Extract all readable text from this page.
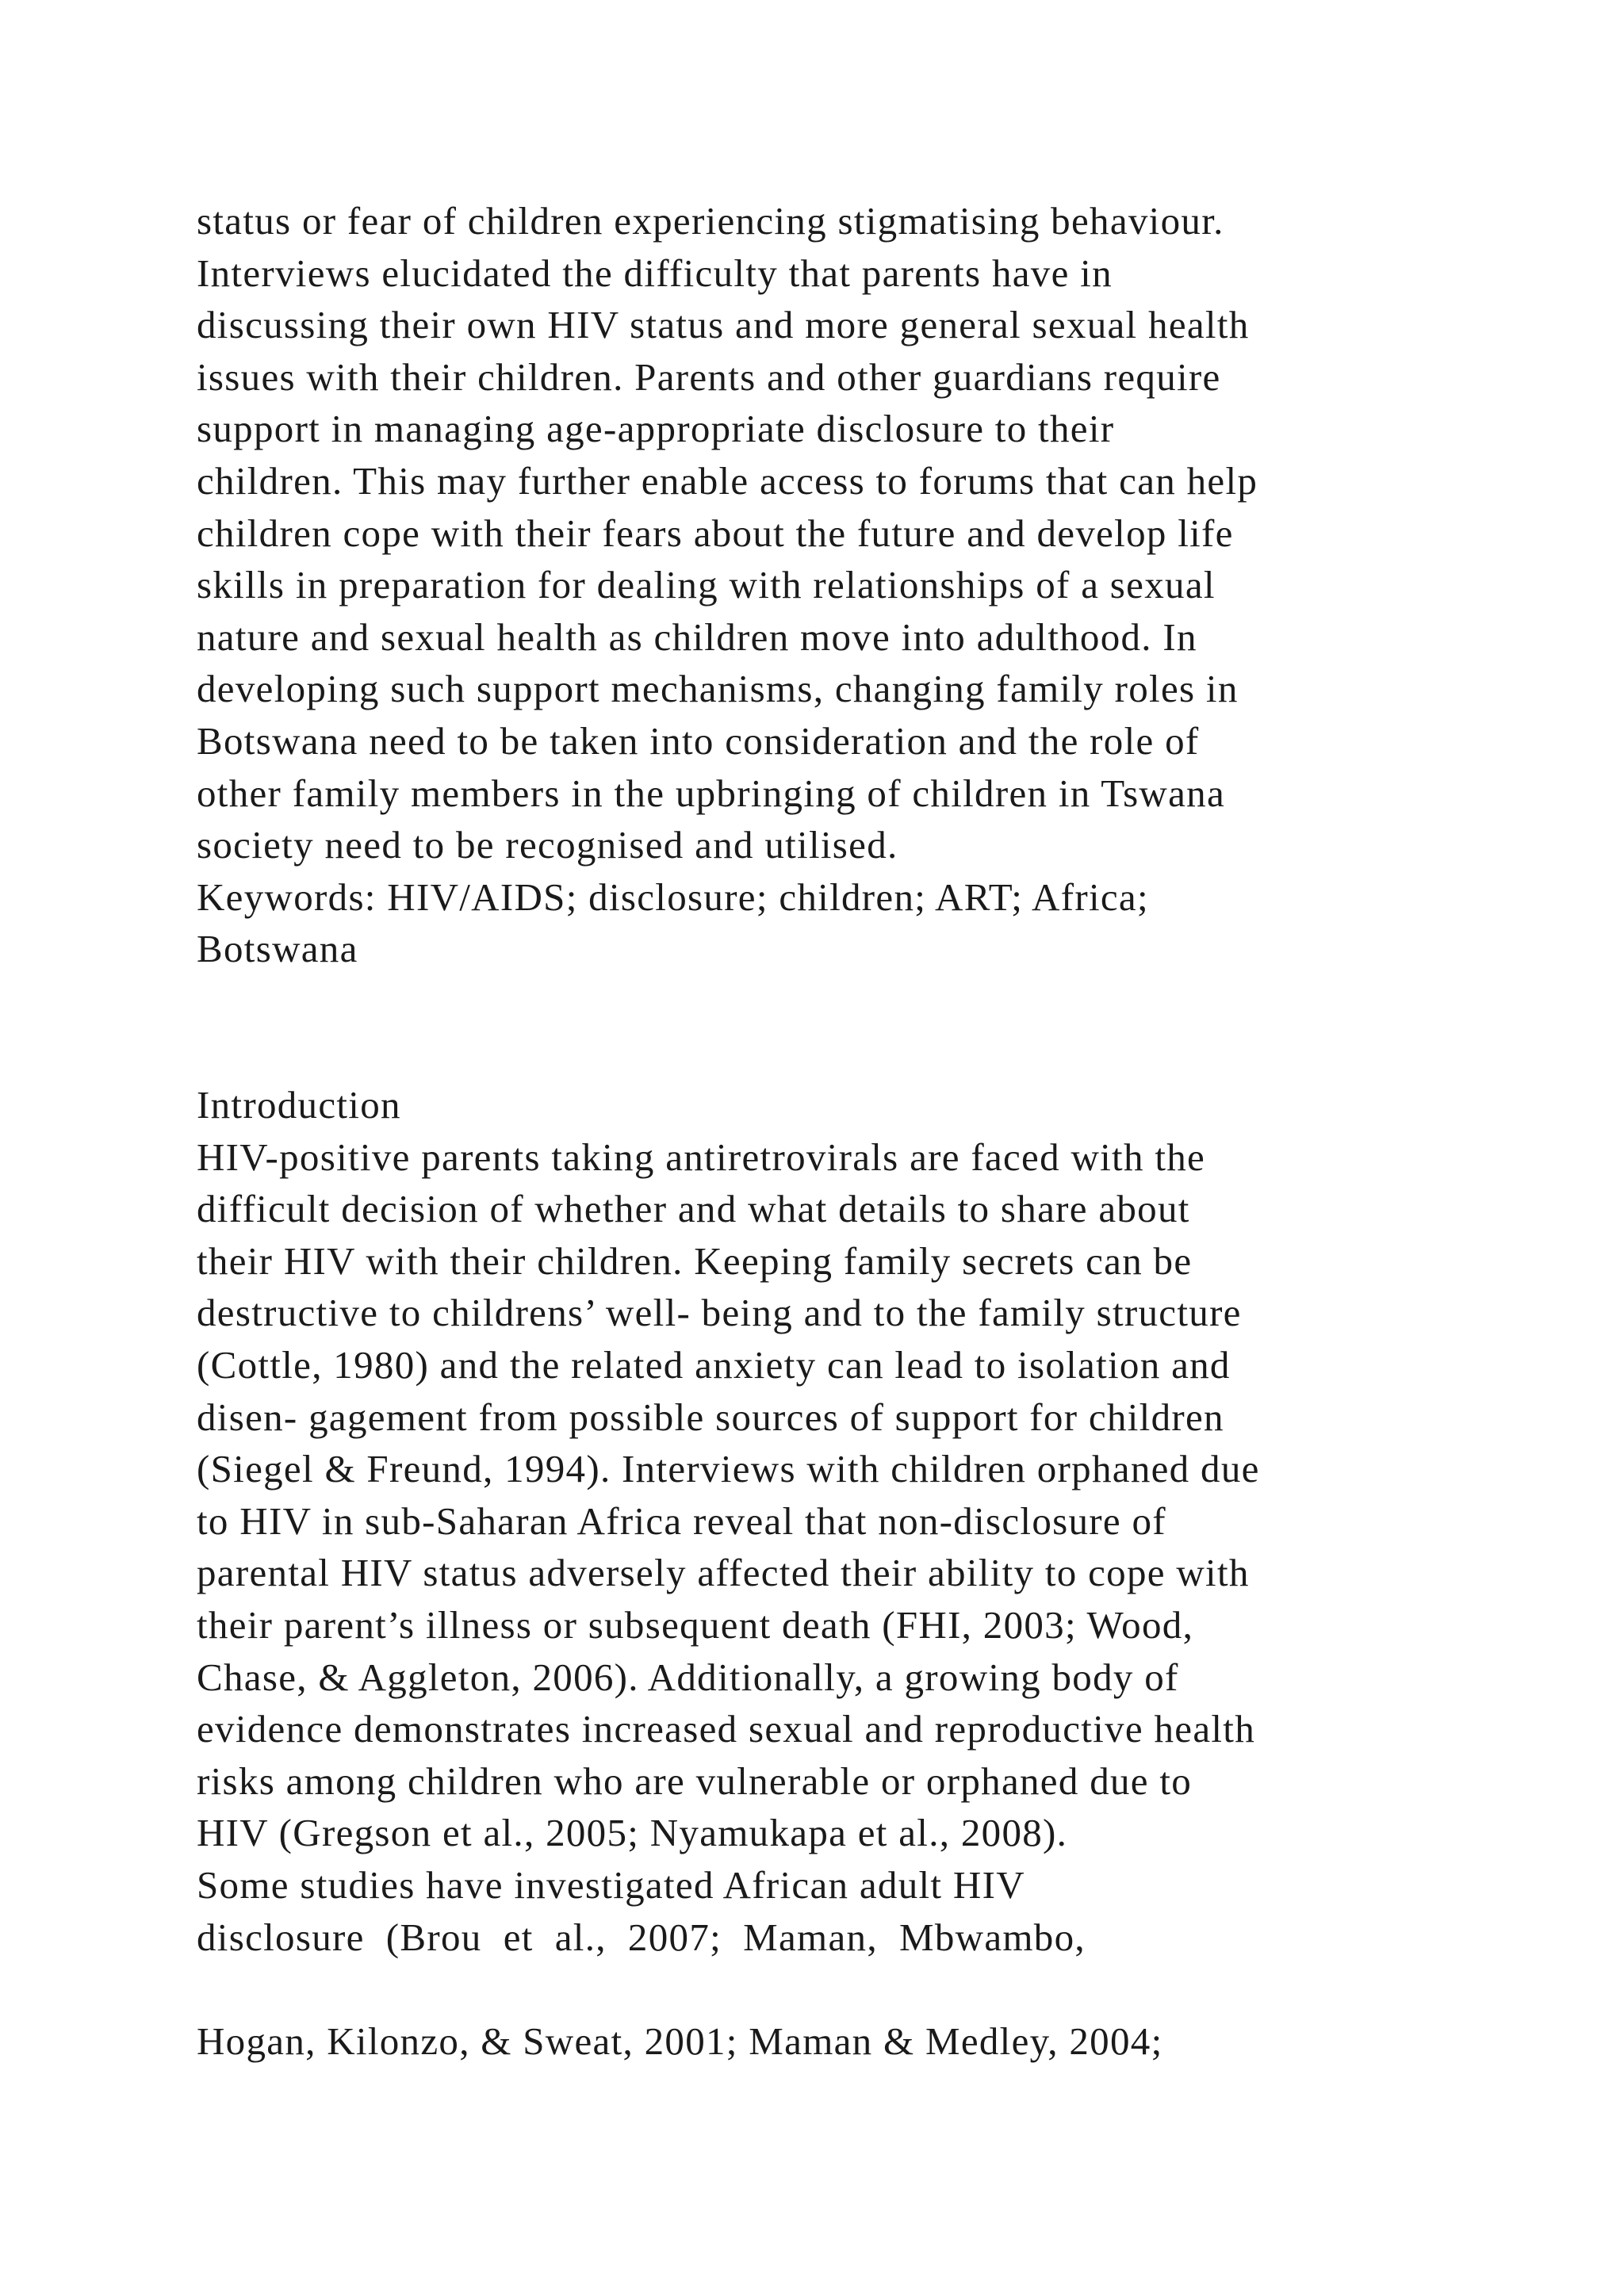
status or fear of children experiencing stigmatising behaviour.
Interviews elucidated the difficulty that parents have in
discussing their own HIV status and more general sexual health
issues with their children. Parents and other guardians require
support in managing age-appropriate disclosure to their
children. This may further enable access to forums that can help
children cope with their fears about the future and develop life
skills in preparation for dealing with relationships of a sexual
nature and sexual health as children move into adulthood. In
developing such support mechanisms, changing family roles in
Botswana need to be taken into consideration and the role of
other family members in the upbringing of children in Tswana
society need to be recognised and utilised.
Keywords: HIV/AIDS; disclosure; children; ART; Africa;
Botswana
Introduction
HIV-positive parents taking antiretrovirals are faced with the
difficult decision of whether and what details to share about
their HIV with their children. Keeping family secrets can be
destructive to childrens’ well- being and to the family structure
(Cottle, 1980) and the related anxiety can lead to isolation and
disen- gagement from possible sources of support for children
(Siegel & Freund, 1994). Interviews with children orphaned due
to HIV in sub-Saharan Africa reveal that non-disclosure of
parental HIV status adversely affected their ability to cope with
their parent’s illness or subsequent death (FHI, 2003; Wood,
Chase, & Aggleton, 2006). Additionally, a growing body of
evidence demonstrates increased sexual and reproductive health
risks among children who are vulnerable or orphaned due to
HIV (Gregson et al., 2005; Nyamukapa et al., 2008).
Some studies have investigated African adult HIV
disclosure  (Brou  et  al.,  2007;  Maman,  Mbwambo,
Hogan, Kilonzo, & Sweat, 2001; Maman & Medley, 2004;
